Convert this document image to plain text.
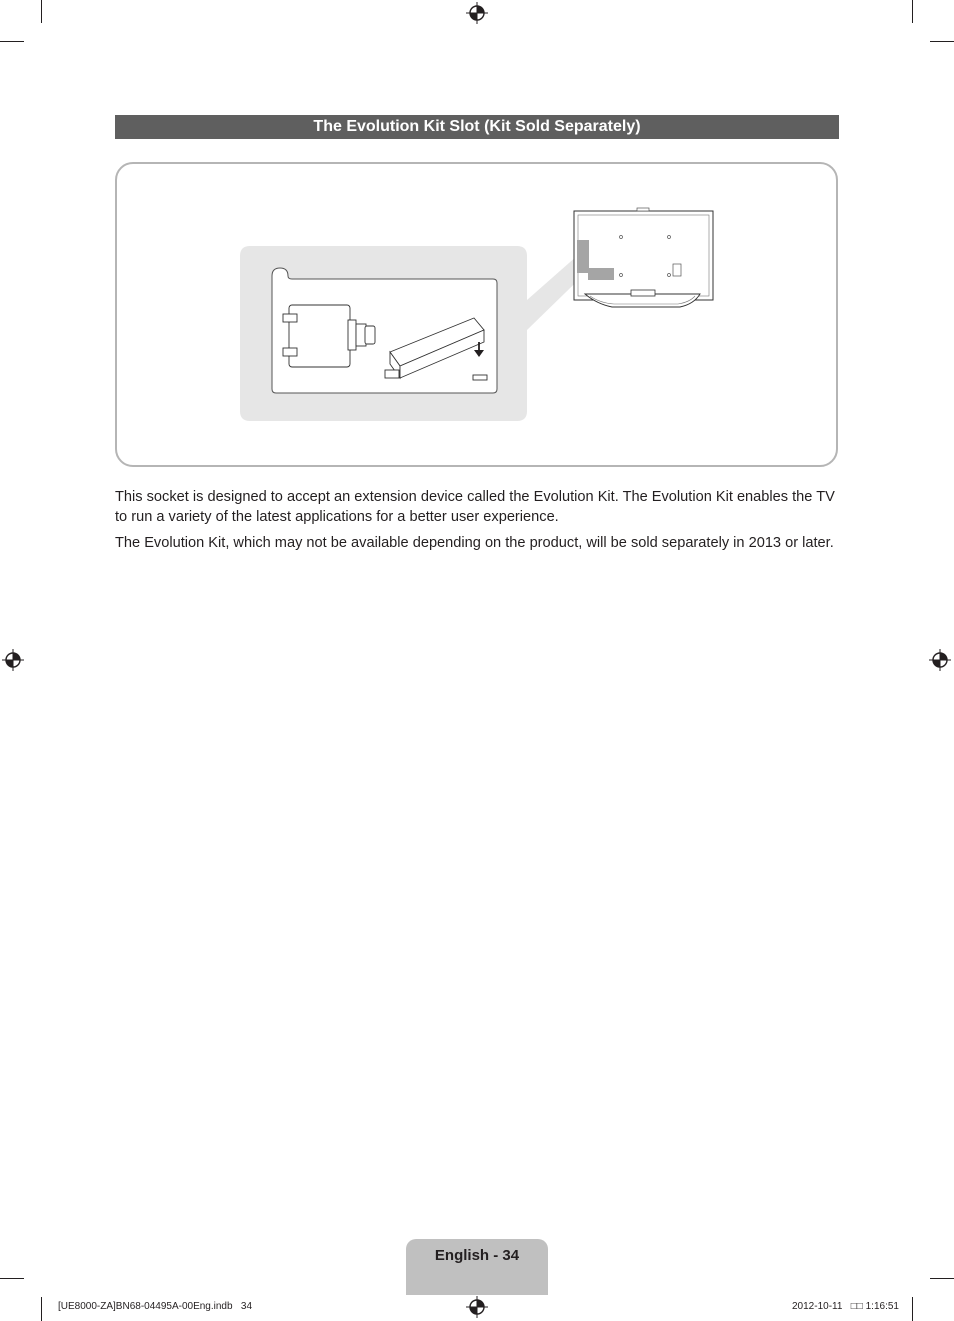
The Evolution Kit Slot (Kit Sold Separately)

This socket is designed to accept an extension device called the Evolution Kit. The Evolution Kit enables the TV to run a variety of the latest applications for a better user experience.

The Evolution Kit, which may not be available depending on the product, will be sold separately in 2013 or later.

English - 34
[UE8000-ZA]BN68-04495A-00Eng.indb   34	2012-10-11   □□ 1:16:51
